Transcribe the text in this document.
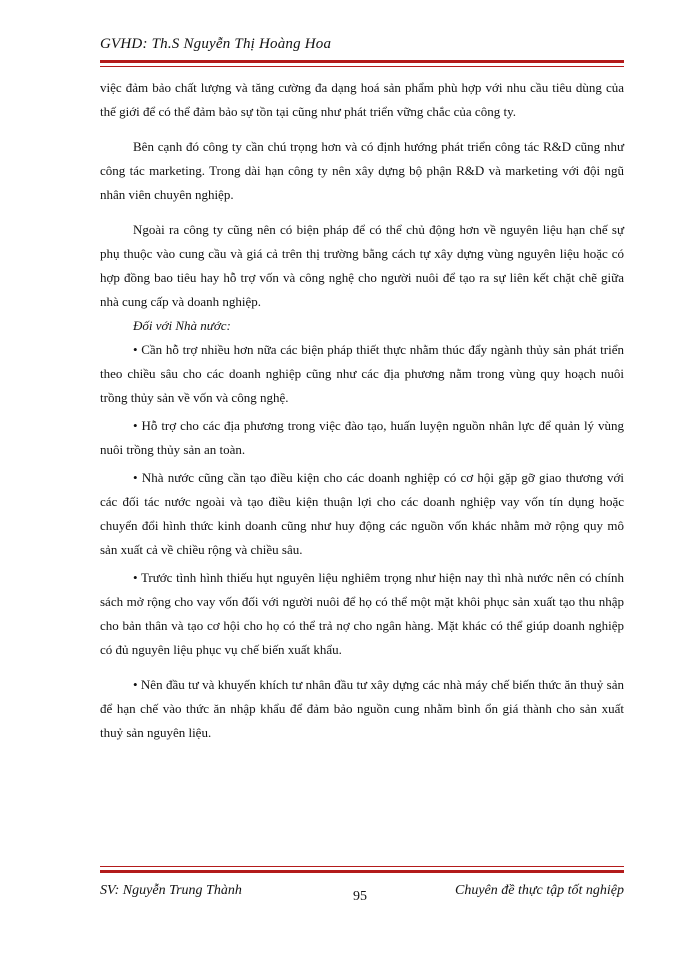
GVHD: Th.S Nguyễn Thị Hoàng Hoa

việc đảm bảo chất lượng và tăng cường đa dạng hoá sản phẩm phù hợp với nhu cầu tiêu dùng của thế giới để có thể đảm bảo sự tồn tại cũng như phát triển vững chắc của công ty.

Bên cạnh đó công ty cần chú trọng hơn và có định hướng phát triển công tác R&D cũng như công tác marketing. Trong dài hạn công ty nên xây dựng bộ phận R&D và marketing với đội ngũ nhân viên chuyên nghiệp.

Ngoài ra công ty cũng nên có biện pháp để có thể chủ động hơn về nguyên liệu hạn chế sự phụ thuộc vào cung cầu và giá cả trên thị trường bằng cách tự xây dựng vùng nguyên liệu hoặc có hợp đồng bao tiêu hay hỗ trợ vốn và công nghệ cho người nuôi để tạo ra sự liên kết chặt chẽ giữa nhà cung cấp và doanh nghiệp.

Đối với Nhà nước:

• Cần hỗ trợ nhiều hơn nữa các biện pháp thiết thực nhằm thúc đẩy ngành thủy sản phát triển theo chiều sâu cho các doanh nghiệp cũng như các địa phương nằm trong vùng quy hoạch nuôi trồng thủy sản về vốn và công nghệ.

• Hỗ trợ cho các địa phương trong việc đào tạo, huấn luyện nguồn nhân lực để quản lý vùng nuôi trồng thủy sản an toàn.

• Nhà nước cũng cần tạo điều kiện cho các doanh nghiệp có cơ hội gặp gỡ giao thương với các đối tác nước ngoài và tạo điều kiện thuận lợi cho các doanh nghiệp vay vốn tín dụng hoặc chuyển đổi hình thức kinh doanh cũng như huy động các nguồn vốn khác nhằm mở rộng quy mô sản xuất cả về chiều rộng và chiều sâu.

• Trước tình hình thiếu hụt nguyên liệu nghiêm trọng như hiện nay thì nhà nước nên có chính sách mở rộng cho vay vốn đối với người nuôi để họ có thể một mặt khôi phục sản xuất tạo thu nhập cho bản thân và tạo cơ hội cho họ có thể trả nợ cho ngân hàng. Mặt khác có thể giúp doanh nghiệp có đủ nguyên liệu phục vụ chế biến xuất khẩu.

• Nên đầu tư và khuyến khích tư nhân đầu tư xây dựng các nhà máy chế biến thức ăn thuỷ sản để hạn chế vào thức ăn nhập khẩu để đảm bảo nguồn cung nhằm bình ổn giá thành cho sản xuất thuỷ sản nguyên liệu.

SV: Nguyễn Trung Thành	95	Chuyên đề thực tập tốt nghiệp
